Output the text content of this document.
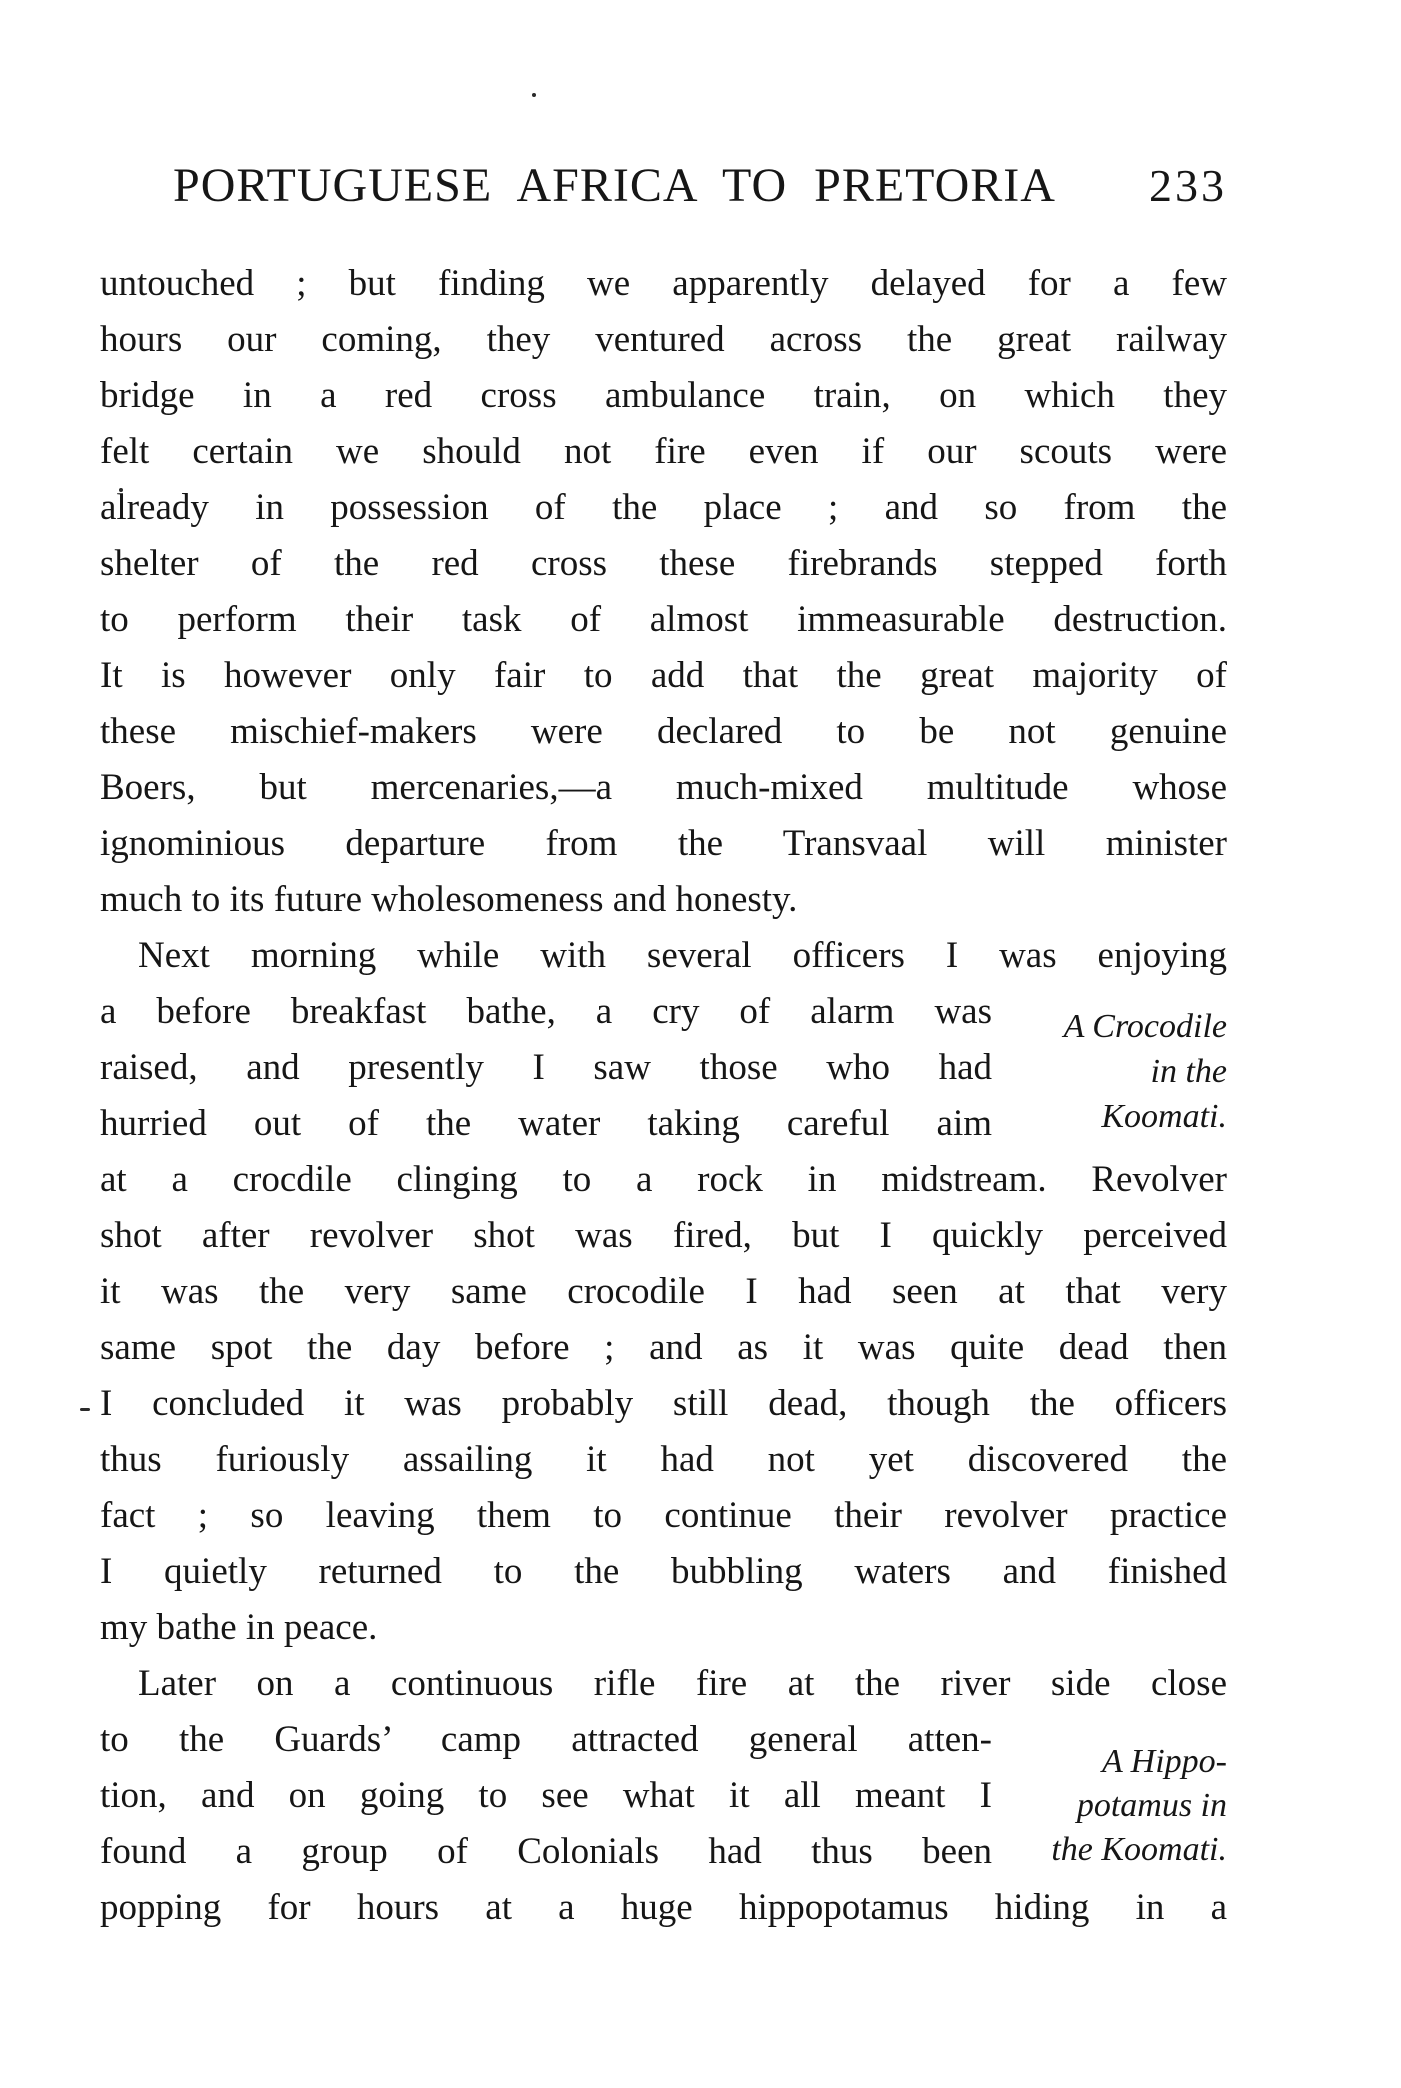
PORTUGUESE AFRICA TO PRETORIA 233
untouched ; but finding we apparently delayed for a few
hours our coming, they ventured across the great railway
bridge in a red cross ambulance train, on which they
felt certain we should not fire even if our scouts were
already in possession of the place ; and so from the
shelter of the red cross these firebrands stepped forth
to perform their task of almost immeasurable destruction.
It is however only fair to add that the great majority of
these mischief-makers were declared to be not genuine
Boers, but mercenaries,—a much-mixed multitude whose
ignominious departure from the Transvaal will minister
much to its future wholesomeness and honesty.
Next morning while with several officers I was enjoying
a before breakfast bathe, a cry of alarm was
raised, and presently I saw those who had
hurried out of the water taking careful aim
at a crocdile clinging to a rock in midstream. Revolver
shot after revolver shot was fired, but I quickly perceived
it was the very same crocodile I had seen at that very
same spot the day before ; and as it was quite dead then
I concluded it was probably still dead, though the officers
thus furiously assailing it had not yet discovered the
fact ; so leaving them to continue their revolver practice
I quietly returned to the bubbling waters and finished
my bathe in peace.
Later on a continuous rifle fire at the river side close
to the Guards’ camp attracted general atten-
tion, and on going to see what it all meant I
found a group of Colonials had thus been
popping for hours at a huge hippopotamus hiding in a
A Crocodile
in the
Koomati.
A Hippo-
potamus in
the Koomati.
